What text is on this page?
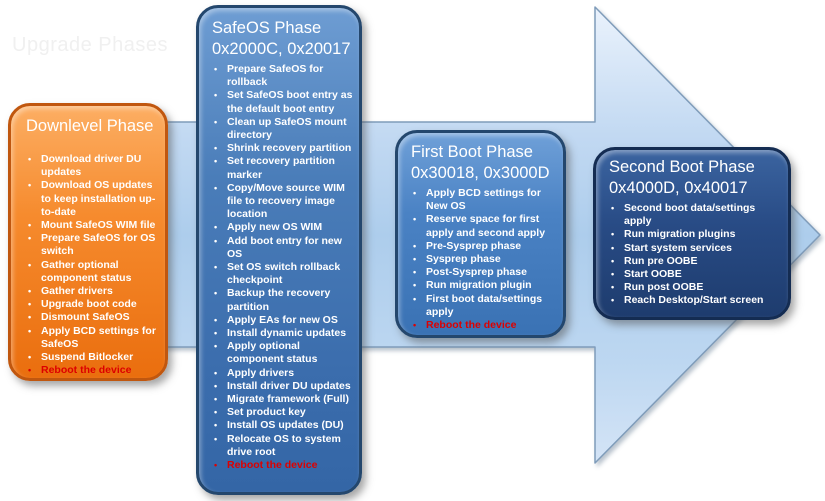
Upgrade Phases
Downlevel Phase
• Download driver DU updates
• Download OS updates to keep installation up-to-date
• Mount SafeOS WIM file
• Prepare SafeOS for OS switch
• Gather optional component status
• Gather drivers
• Upgrade boot code
• Dismount SafeOS
• Apply BCD settings for SafeOS
• Suspend Bitlocker
• Reboot the device
SafeOS Phase
0x2000C, 0x20017
• Prepare SafeOS for rollback
• Set SafeOS boot entry as the default boot entry
• Clean up SafeOS mount directory
• Shrink recovery partition
• Set recovery partition marker
• Copy/Move source WIM file to recovery image location
• Apply new OS WIM
• Add boot entry for new OS
• Set OS switch rollback checkpoint
• Backup the recovery partition
• Apply EAs for new OS
• Install dynamic updates
• Apply optional component status
• Apply drivers
• Install driver DU updates
• Migrate framework (Full)
• Set product key
• Install OS updates (DU)
• Relocate OS to system drive root
• Reboot the device
First Boot Phase
0x30018, 0x3000D
• Apply BCD settings for New OS
• Reserve space for first apply and second apply
• Pre-Sysprep phase
• Sysprep phase
• Post-Sysprep phase
• Run migration plugin
• First boot data/settings apply
• Reboot the device
Second Boot Phase
0x4000D, 0x40017
• Second boot data/settings apply
• Run migration plugins
• Start system services
• Run pre OOBE
• Start OOBE
• Run post OOBE
• Reach Desktop/Start screen
